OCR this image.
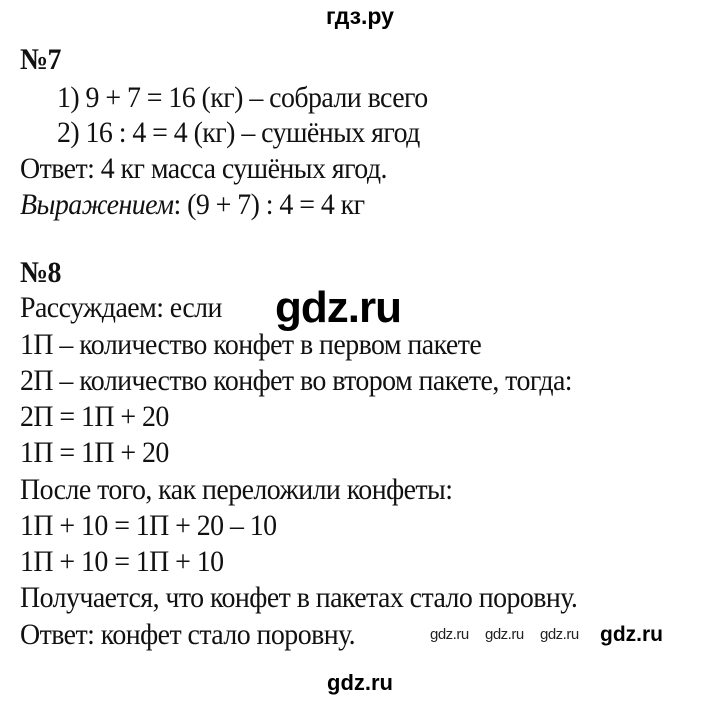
гдз.ру
№7
1) 9 + 7 = 16 (кг) – собрали всего
2) 16 : 4 = 4 (кг) – сушёных ягод
Ответ: 4 кг масса сушёных ягод.
Выражением: (9 + 7) : 4 = 4 кг
№8
Рассуждаем: если
1П – количество конфет в первом пакете
2П – количество конфет во втором пакете, тогда:
2П = 1П + 20
1П = 1П + 20
После того, как переложили конфеты:
1П + 10 = 1П + 20 – 10
1П + 10 = 1П + 10
Получается, что конфет в пакетах стало поровну.
Ответ: конфет стало поровну.
gdz.ru
gdz.ru gdz.ru gdz.ru gdz.ru
gdz.ru
